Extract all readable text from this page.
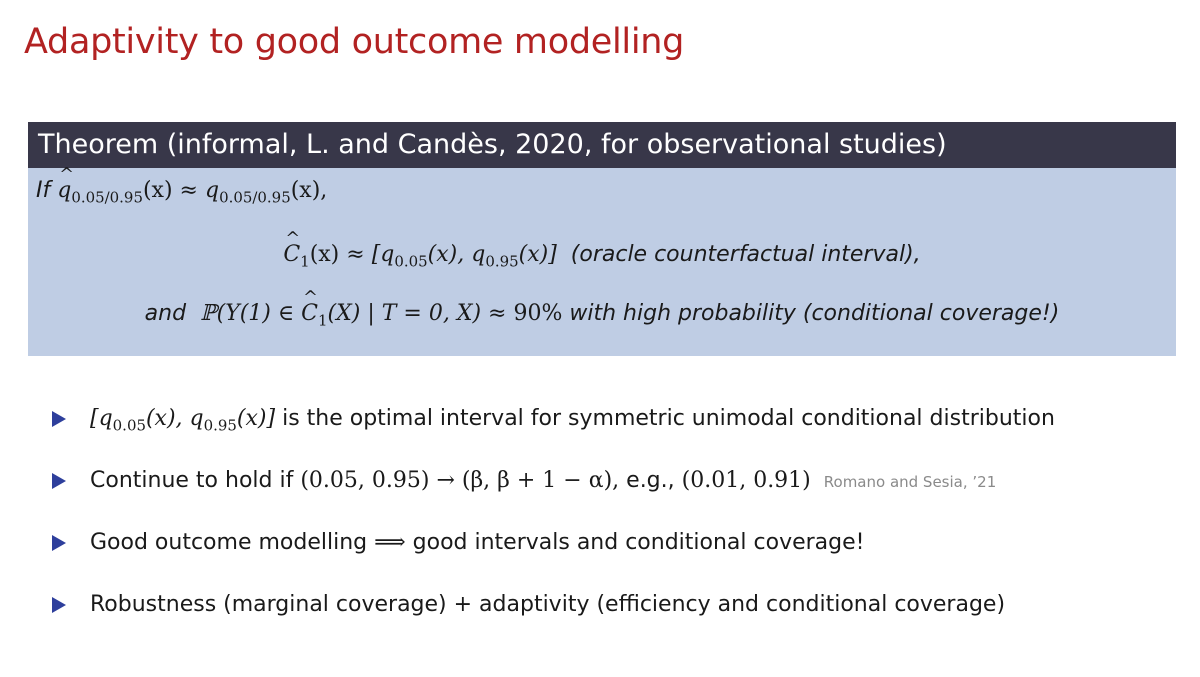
Adaptivity to good outcome modelling
Theorem (informal, L. and Candès, 2020, for observational studies)
If q $\^{}_{0.05/0.95}(x) \approx q_{0.05/0.95}(x)$,
C $\^{}_1(x) \approx [q_{0.05}(x)$, $q_{0.95}(x)$] (oracle counterfactual interval),
and ℙ(Y(1) ∈ C $\^{}_1(X)$ | T = 0, X) ≈ 90% with high probability (conditional coverage!)
[$q_{0.05}(x)$, $q_{0.95}(x)$] is the optimal interval for symmetric unimodal conditional distribution
Continue to hold if (0.05, 0.95) → (β, β + 1 − α), e.g., (0.01, 0.91) Romano and Sesia, ’21
Good outcome modelling ⟹ good intervals and conditional coverage!
Robustness (marginal coverage) + adaptivity (efficiency and conditional coverage)
